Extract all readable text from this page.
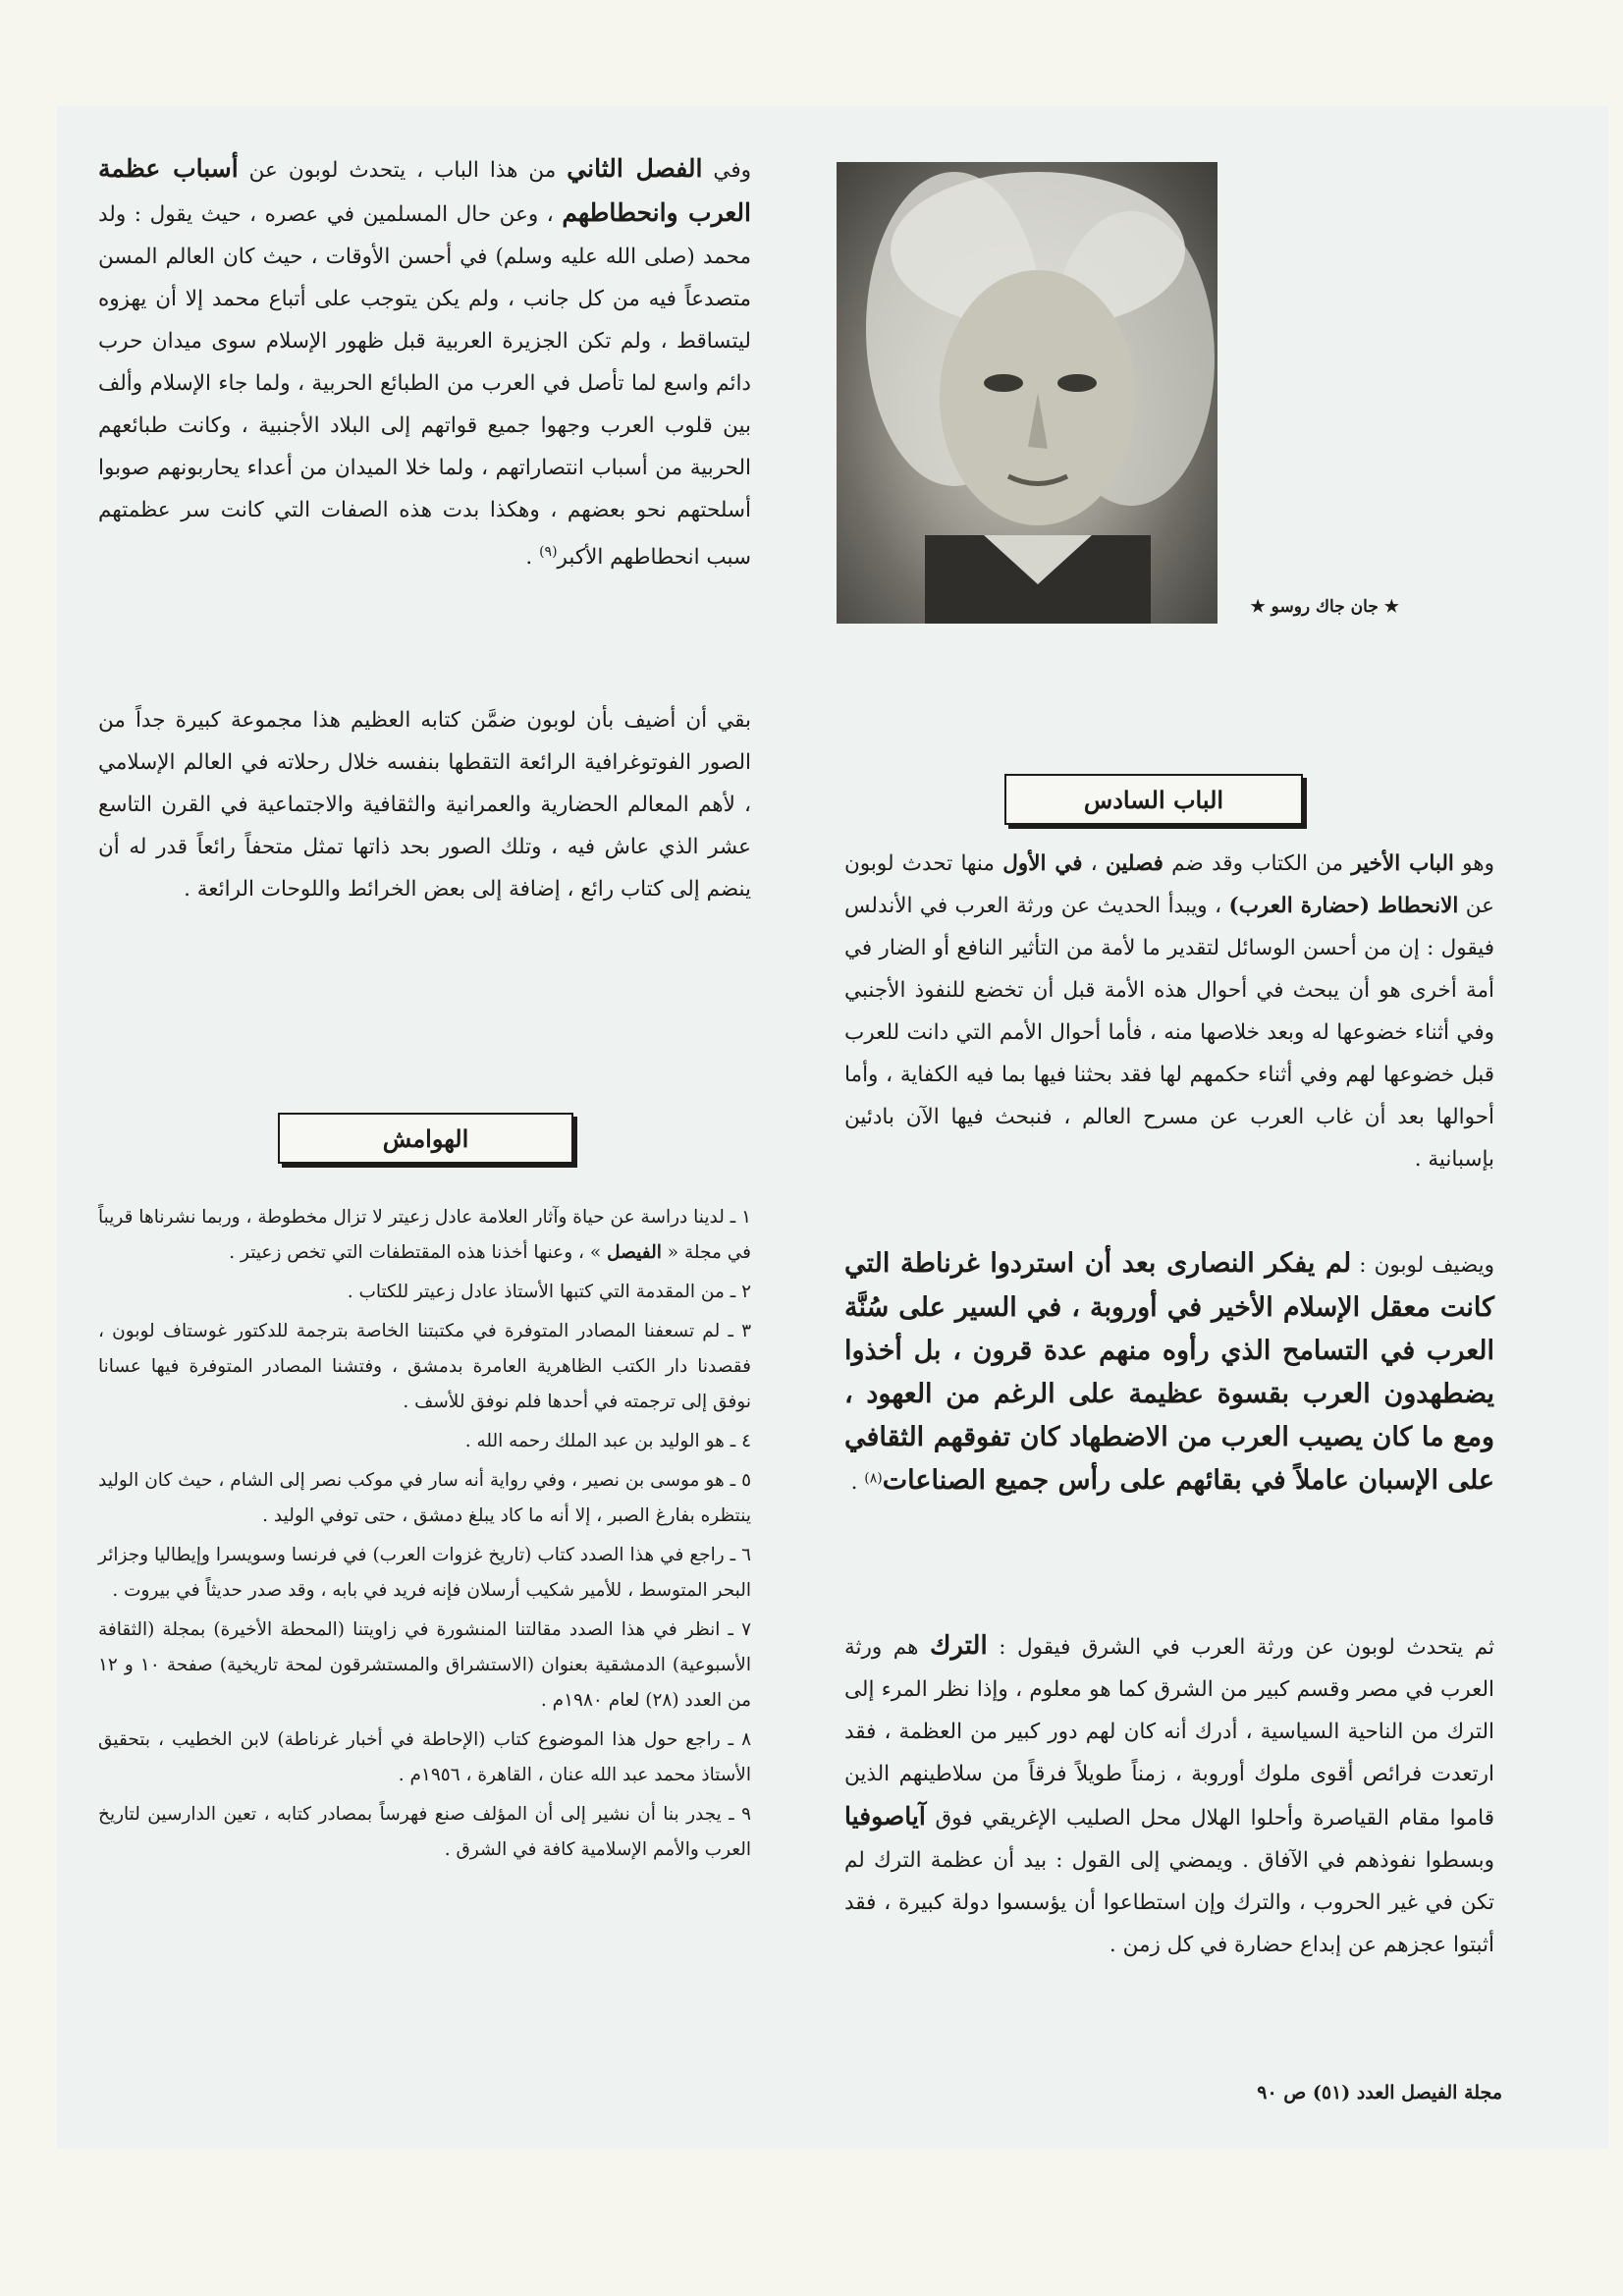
★ جان جاك روسو ★
الباب السادس

وهو الباب الأخير من الكتاب وقد ضم فصلين ، في الأول منها تحدث لوبون عن الانحطاط (حضارة العرب) ، ويبدأ الحديث عن ورثة العرب في الأندلس فيقول : إن من أحسن الوسائل لتقدير ما لأمة من التأثير النافع أو الضار في أمة أخرى هو أن يبحث في أحوال هذه الأمة قبل أن تخضع للنفوذ الأجنبي وفي أثناء خضوعها له وبعد خلاصها منه ، فأما أحوال الأمم التي دانت للعرب قبل خضوعها لهم وفي أثناء حكمهم لها فقد بحثنا فيها بما فيه الكفاية ، وأما أحوالها بعد أن غاب العرب عن مسرح العالم ، فنبحث فيها الآن بادئين بإسبانية .

ويضيف لوبون : لم يفكر النصارى بعد أن استردوا غرناطة التي كانت معقل الإسلام الأخير في أوروبة ، في السير على سُنَّة العرب في التسامح الذي رأوه منهم عدة قرون ، بل أخذوا يضطهدون العرب بقسوة عظيمة على الرغم من العهود ، ومع ما كان يصيب العرب من الاضطهاد كان تفوقهم الثقافي على الإسبان عاملاً في بقائهم على رأس جميع الصناعات$^{(٨)}$ .

ثم يتحدث لوبون عن ورثة العرب في الشرق فيقول : الترك هم ورثة العرب في مصر وقسم كبير من الشرق كما هو معلوم ، وإذا نظر المرء إلى الترك من الناحية السياسية ، أدرك أنه كان لهم دور كبير من العظمة ، فقد ارتعدت فرائص أقوى ملوك أوروبة ، زمناً طويلاً فرقاً من سلاطينهم الذين قاموا مقام القياصرة وأحلوا الهلال محل الصليب الإغريقي فوق آياصوفيا وبسطوا نفوذهم في الآفاق . ويمضي إلى القول : بيد أن عظمة الترك لم تكن في غير الحروب ، والترك وإن استطاعوا أن يؤسسوا دولة كبيرة ، فقد أثبتوا عجزهم عن إبداع حضارة في كل زمن .

وفي الفصل الثاني من هذا الباب ، يتحدث لوبون عن أسباب عظمة العرب وانحطاطهم ، وعن حال المسلمين في عصره ، حيث يقول : ولد محمد (صلى الله عليه وسلم) في أحسن الأوقات ، حيث كان العالم المسن متصدعاً فيه من كل جانب ، ولم يكن يتوجب على أتباع محمد إلا أن يهزوه ليتساقط ، ولم تكن الجزيرة العربية قبل ظهور الإسلام سوى ميدان حرب دائم واسع لما تأصل في العرب من الطبائع الحربية ، ولما جاء الإسلام وألف بين قلوب العرب وجهوا جميع قواتهم إلى البلاد الأجنبية ، وكانت طبائعهم الحربية من أسباب انتصاراتهم ، ولما خلا الميدان من أعداء يحاربونهم صوبوا أسلحتهم نحو بعضهم ، وهكذا بدت هذه الصفات التي كانت سر عظمتهم سبب انحطاطهم الأكبر$^{(٩)}$ .

بقي أن أضيف بأن لوبون ضمَّن كتابه العظيم هذا مجموعة كبيرة جداً من الصور الفوتوغرافية الرائعة التقطها بنفسه خلال رحلاته في العالم الإسلامي ، لأهم المعالم الحضارية والعمرانية والثقافية والاجتماعية في القرن التاسع عشر الذي عاش فيه ، وتلك الصور بحد ذاتها تمثل متحفاً رائعاً قدر له أن ينضم إلى كتاب رائع ، إضافة إلى بعض الخرائط واللوحات الرائعة .

الهوامش

١ ـ لدينا دراسة عن حياة وآثار العلامة عادل زعيتر لا تزال مخطوطة ، وربما نشرناها قريباً في مجلة « الفيصل » ، وعنها أخذنا هذه المقتطفات التي تخص زعيتر .

٢ ـ من المقدمة التي كتبها الأستاذ عادل زعيتر للكتاب .

٣ ـ لم تسعفنا المصادر المتوفرة في مكتبتنا الخاصة بترجمة للدكتور غوستاف لوبون ، فقصدنا دار الكتب الظاهرية العامرة بدمشق ، وفتشنا المصادر المتوفرة فيها عسانا نوفق إلى ترجمته في أحدها فلم نوفق للأسف .

٤ ـ هو الوليد بن عبد الملك رحمه الله .

٥ ـ هو موسى بن نصير ، وفي رواية أنه سار في موكب نصر إلى الشام ، حيث كان الوليد ينتظره بفارغ الصبر ، إلا أنه ما كاد يبلغ دمشق ، حتى توفي الوليد .

٦ ـ راجع في هذا الصدد كتاب (تاريخ غزوات العرب) في فرنسا وسويسرا وإيطاليا وجزائر البحر المتوسط ، للأمير شكيب أرسلان فإنه فريد في بابه ، وقد صدر حديثاً في بيروت .

٧ ـ انظر في هذا الصدد مقالتنا المنشورة في زاويتنا (المحطة الأخيرة) بمجلة (الثقافة الأسبوعية) الدمشقية بعنوان (الاستشراق والمستشرقون لمحة تاريخية) صفحة ١٠ و ١٢ من العدد (٢٨) لعام ١٩٨٠م .

٨ ـ راجع حول هذا الموضوع كتاب (الإحاطة في أخبار غرناطة) لابن الخطيب ، بتحقيق الأستاذ محمد عبد الله عنان ، القاهرة ، ١٩٥٦م .

٩ ـ يجدر بنا أن نشير إلى أن المؤلف صنع فهرساً بمصادر كتابه ، تعين الدارسين لتاريخ العرب والأمم الإسلامية كافة في الشرق .

مجلة الفيصل العدد (٥١) ص ٩٠
